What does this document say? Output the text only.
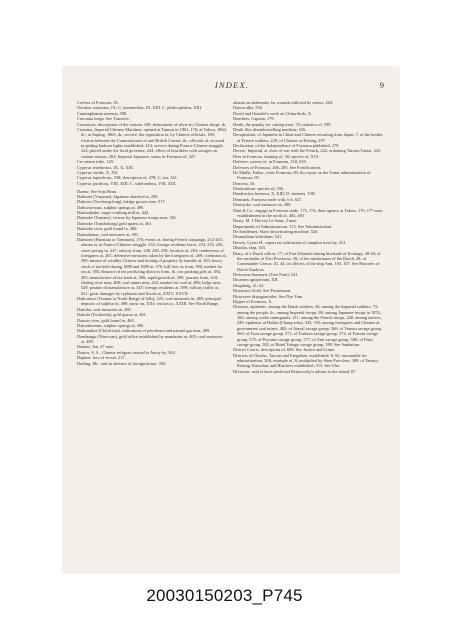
INDEX.	9

Crefsea of Formosa, IX.

Oeculus consortus, IX; C. intermedius, IX, XIII. C. philocephalus, XIII.

Cunninghamia sinensis, 598.

Curcuma longa. See Turmeric.

Currencies, description of the various, 6(8; defacement of silver by Chinese shops, ib.

Customs, Imperial Chinese Maritime, opened at Tamsui in 1861, 176; at Takow, 1864, ib.; at Anping, 1865, ib.; service, the opposition to, by Chinese officials, 180; friction between the Commissioner of and British Consul, ib.; officials of, accused in getting harbour lights established, 214; service during Franco-Chinese struggle, 224; placed under the local governor, 244; effect of hostilities with savages on custom returns, 263; Imperial Japanese, status in Formosa of, 327.

Cu-cannot tribe, 129.

Cyperus tenebrosus, IX, X, XIII.

Cyperus viridis, X, XII.

Cyperus lupinifrons, 538; description of, 378; C. iris, 341.

Cyperus pacificus, VIII, XIII; C. subfrondeus, VIII, XIII.

Daemr. See Soja Bean.

Daiborte (Ysapona), Japanese attacked at, 290.

Daikoro (Tun-kong-long), bridge grown cane, 517.

Daikwan-inan, sulphur springs at, 496.

Daimonhake, sugar-crushing mill at, 444.

Daimoke (Tomaus), victory by Japanese troops near, 361.

Daimoke (Tsanhakong) gold quartz at, 461.

Daimoke river, gold found in, 460.

Daimokaton, coal measures at, 491.

Daimotei (Funatuta or Tommais), 176; events at, during French campaign, 212-243; alarms at, in Franco-Chinese struggle, 233; foreign residents leave, 234, 235, 236, street paving in, 247; railway from, 248, 249, 250; location of, 263; rendezvous of foreigners at, 261; defensive measures taken by the foreigners of, 269; confusion at, 300; misuse of wealthy Chinese and looting of property by bandits at, 303; heavy stock of tea held during 1888 and 1889 in, 376; bill fires as from, 390; market for tea at, 393; distance of tea producing districts from, ib.; tea packing girls at, 394, 395; manufacture of tea leads at, 396; rapid growth of, 399; journey from, 410; flatting river near, 400; coal mines near, 434; market for coal at, 486; lodge near, 528; peanut oil manufacture at, 547; foreign residents at, 599; railway traffic at, 621; great damages by typhoons and floods at, XXIV, XXVII.

Daikoniwe (Twatun or North Range of hills), 325; coal measures in, 469; principal deposits of sulphur in, 499; snow on, XXI; visitors to, XXIII. See North Range.

Daitohu, coal measures at, 490.

Daitolo (Twakonla), gold quartz at, 461.

Daiurio river, gold found in, 460.

Dairyukoenan, sulphur springs at, 496.

Daikumikoi (Chlok-tsui), indications of petroleum and natural gas near, 499.

Dandanags (Wan-wan), gold office established by mandarins at, 465; coal measures at, 489.

Dannes, Jan, 47 note.

Daures, S. S., Chinese refugees carried to Amoy by, 363.

Daphne, loss of vessel, 217.

Darling, Mr., aids in defence of foreign house, 303;

obtains an indemnity for wounds inflicted by rioters, 204.

Datura alba, 556.

David and Onstalet's work on China birds, X.

Deachers, Captain, 179.

Death, the penalty for cutting trees, 70; statistics of, 599.

Death files disembowelling machine, 526.

Decapitation, of Japanese in China and Chinese returning from Japan, 7; of the bodies of French soldiers, 229; of Chinese at Kelung, 297.

Declaration, of the Independence of Formosa published, 279.

Decree, Imperial, at close of war with the French, 242; ordaining Taiwan Taotai, 343.

Deer in Formosa, hunting of, 38; species of, XVI.

Defence, system of, in Formosa, 518, 619.

Defences of Formosa, 266, 285. See Fortifications.

De Mailla, Father, visits Formosa, 69; his report on the Tartar administration of Formosa, 69.

Dencesa, 16.

Dendrobium, species of, 556.

Dendrocitta formosa, X, XIII; D. sinensis, VIII.

Denmark, Formosa trade with, 6.6, 627.

Dentryske, coal measures at, 488.

Dent & Co., engage in Formosa trade, 175, 174; their agency at Takow, 176, 177 note; establishment in the north of, 402, 403.

Deary, M. L'Hervey Le Saint, 2 note.

Departments of Administration, 513. See Administration.

De Saedlemer, Slave decorticating machine, 526.

Desmodium latifolium, 541.

Dewey, Lyster H., report on cultivation of camphor trees by, 414.

Dhanlia, ship, 103.

Diary, of a Dutch officer, 17; of Fort Zelandia during blockade of Koxinga, 38-44; of the surrender of Fort Provincia, 39; of the misfortunes of the Dutch, 48; of Commander Caeuw, 43, 44; of officers of the ship Ann, 103, 107. See Histories of Dutch Analysis.

Dicksonia barometz (Tree Fern), 541.

Dicaeum ignipectum, XII.

Dingdong, 41, 62.

Dionyssos Kohl. See Persimmon.

Dioscorea rhipogonoides. See Dye Yam.

Dipper of Formosa, X.

Diseases, epidemic, among the Dutch soldiers, 46; among the Imperial soldiers, 73; among the people, ib.; among Imperial troops, 80; among Japanese troops in 1874, 160; among coolie immigrants, 211; among the French troops, 240; among natives, 249; epidemic at Hokka (Chang-wha), 333, 335; among foreigners and Chinese at government coal mines, 482; of Atayal savage group, 566; of Vonum savage group, 569; of Tsou savage group, 571; of Tsalisen savage group, 573; of Paiwan savage group, 575; of Puyuma savage group, 577; of Ami savage group, 580; of Pepo savage group, 582; of Botel Tobago savage group, 589. See Sanitation.

District Courts, description of, 600. See Justice and Crime.

Districts of Chosho, Taiwan and Fangehan, established, 8, 92; uncontable for administration, 308; example of, 8; multiplied by Shen Pau-chen, 309; of Tamsui, Kelung, Kumalan, and Hinchew established, 313. See Cho.

Divisions, said to have predicted Benyowsky's advent to the island, 87.

20030150203_P745
